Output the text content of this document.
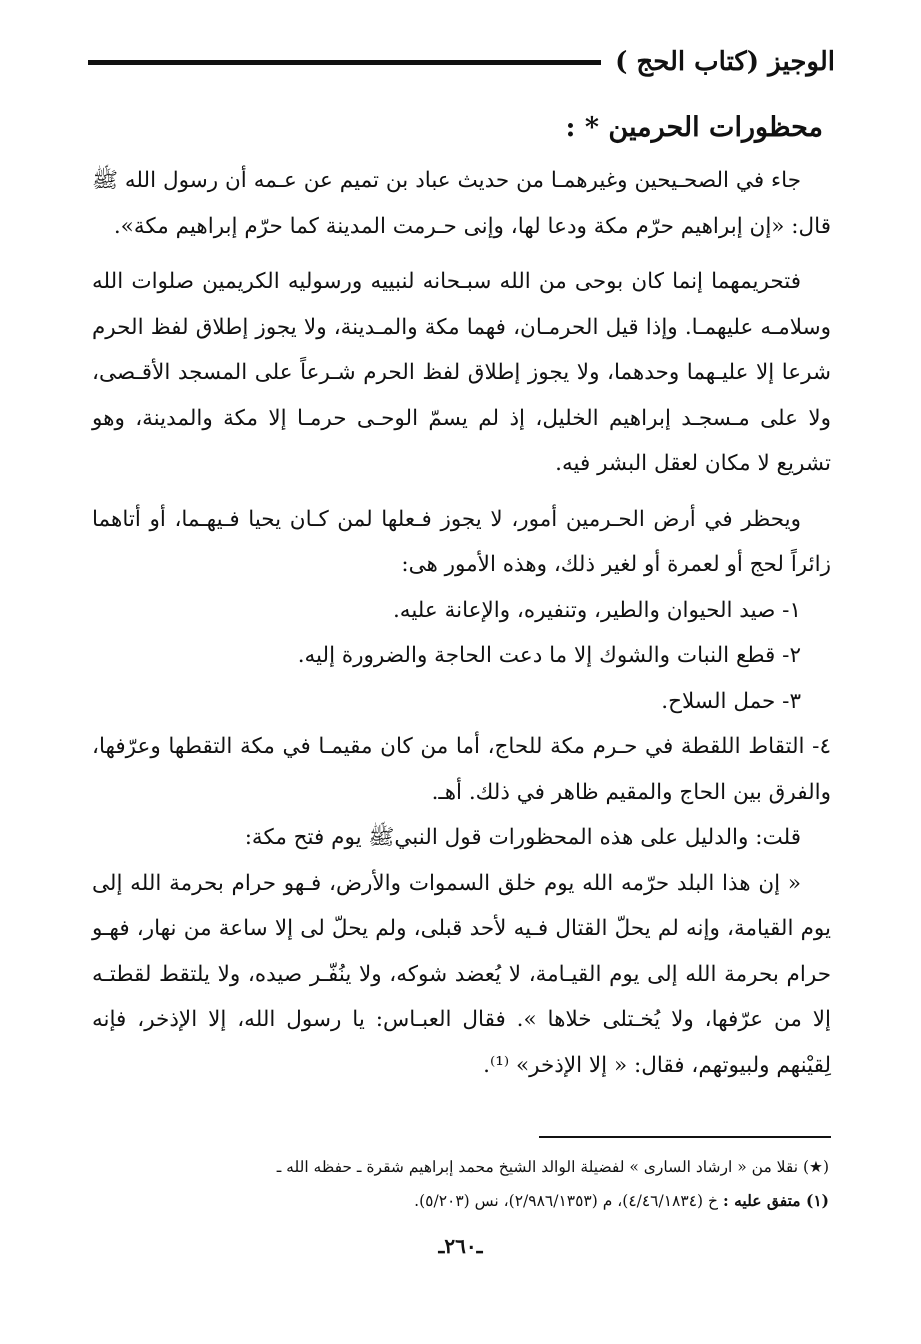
الوجيز (كتاب الحج )
محظورات الحرمين * :

جاء في الصحـيحين وغيرهمـا من حديث عباد بن تميم عن عـمه أن رسول الله ﷺ قال: «إن إبراهيم حرّم مكة ودعا لها، وإنى حـرمت المدينة كما حرّم إبراهيم مكة».

فتحريمهما إنما كان بوحى من الله سبـحانه لنبييه ورسوليه الكريمين صلوات الله وسلامـه عليهمـا. وإذا قيل الحرمـان، فهما مكة والمـدينة، ولا يجوز إطلاق لفظ الحرم شرعا إلا عليـهما وحدهما، ولا يجوز إطلاق لفظ الحرم شـرعاً على المسجد الأقـصى، ولا على مـسجـد إبراهيم الخليل، إذ لم يسمّ الوحـى حرمـا إلا مكة والمدينة، وهو تشريع لا مكان لعقل البشر فيه.

ويحظر في أرض الحـرمين أمور، لا يجوز فـعلها لمن كـان يحيا فـيهـما، أو أتاهما زائراً لحج أو لعمرة أو لغير ذلك، وهذه الأمور هى:

١- صيد الحيوان والطير، وتنفيره، والإعانة عليه.

٢- قطع النبات والشوك إلا ما دعت الحاجة والضرورة إليه.

٣- حمل السلاح.

٤- التقاط اللقطة في حـرم مكة للحاج، أما من كان مقيمـا في مكة التقطها وعرّفها، والفرق بين الحاج والمقيم ظاهر في ذلك. أهـ.

قلت: والدليل على هذه المحظورات قول النبيﷺ يوم فتح مكة:

« إن هذا البلد حرّمه الله يوم خلق السموات والأرض، فـهو حرام بحرمة الله إلى يوم القيامة، وإنه لم يحلّ القتال فـيه لأحد قبلى، ولم يحلّ لى إلا ساعة من نهار، فهـو حرام بحرمة الله إلى يوم القيـامة، لا يُعضد شوكه، ولا ينُفّـر صيده، ولا يلتقط لقطتـه إلا من عرّفها، ولا يُخـتلى خلاها ». فقال العبـاس: يا رسول الله، إلا الإذخر، فإنه لِقيْنهم ولبيوتهم، فقال: « إلا الإذخر» ⁽¹⁾.

(★) نقلا من « ارشاد السارى » لفضيلة الوالد الشيخ محمد إبراهيم شقرة ـ حفظه الله ـ

(١) متفق عليه : خ (٤/٤٦/١٨٣٤)، م (٢/٩٨٦/١٣٥٣)، نس (٥/٢٠٣).

ـ٢٦٠ـ
